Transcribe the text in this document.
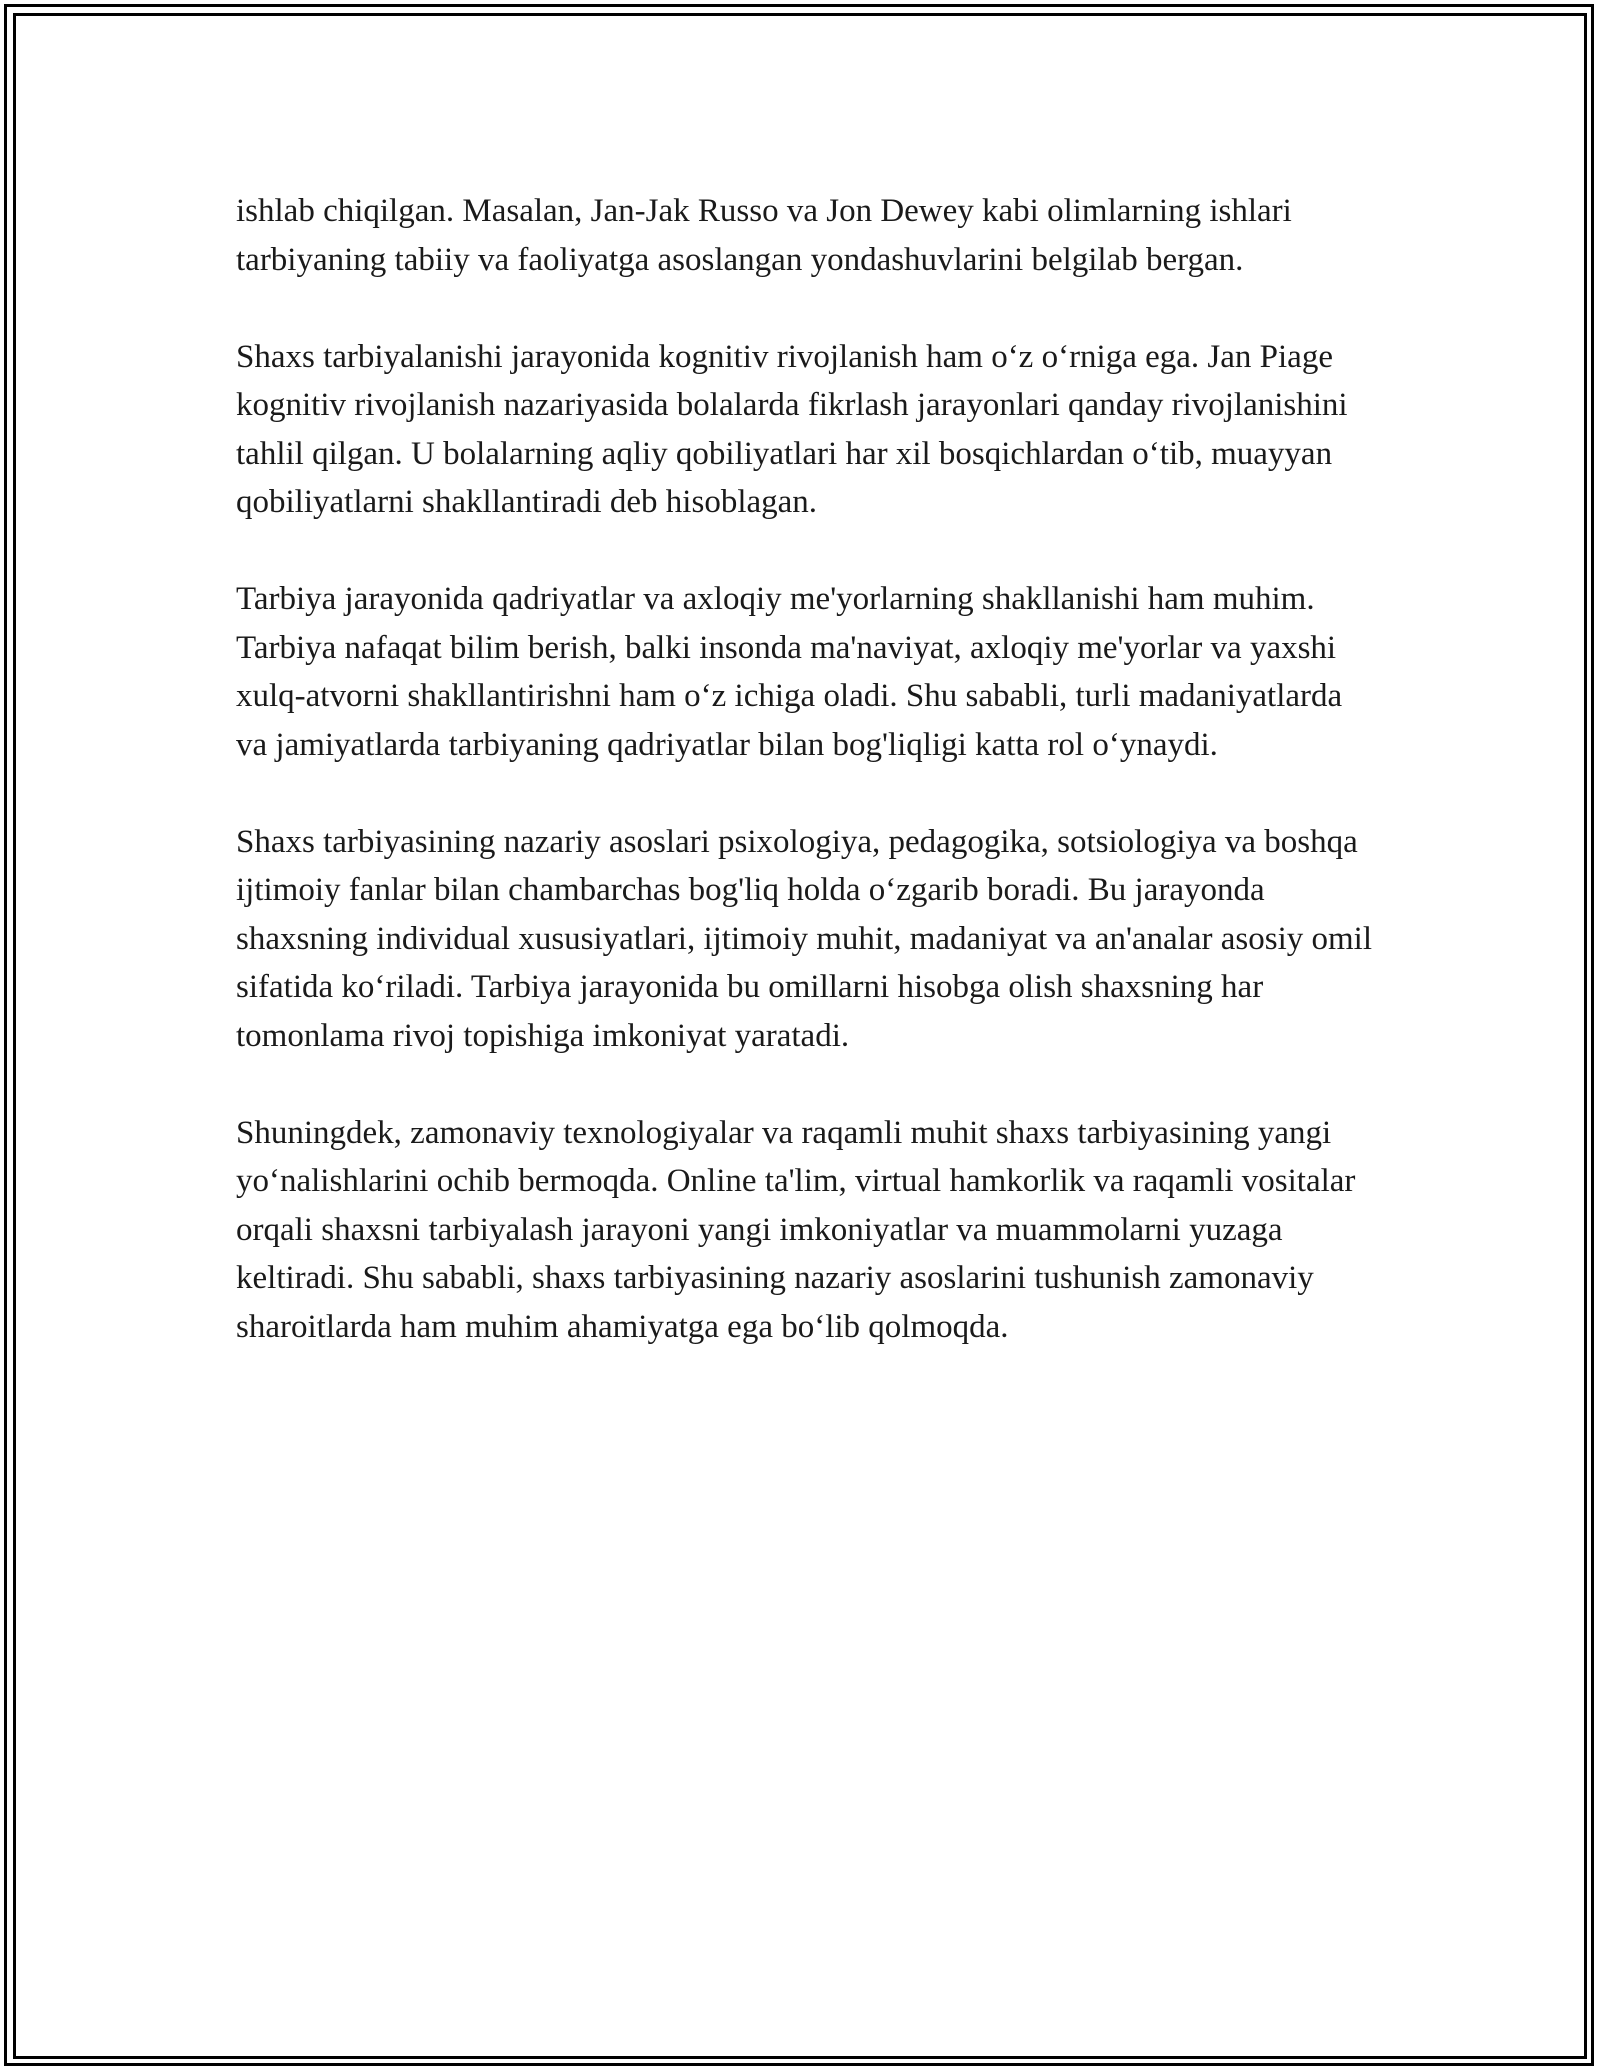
ishlab chiqilgan. Masalan, Jan-Jak Russo va Jon Dewey kabi olimlarning ishlari tarbiyaning tabiiy va faoliyatga asoslangan yondashuvlarini belgilab bergan.

Shaxs tarbiyalanishi jarayonida kognitiv rivojlanish ham oʻz oʻrniga ega. Jan Piage kognitiv rivojlanish nazariyasida bolalarda fikrlash jarayonlari qanday rivojlanishini tahlil qilgan. U bolalarning aqliy qobiliyatlari har xil bosqichlardan oʻtib, muayyan qobiliyatlarni shakllantiradi deb hisoblagan.

Tarbiya jarayonida qadriyatlar va axloqiy me'yorlarning shakllanishi ham muhim. Tarbiya nafaqat bilim berish, balki insonda ma'naviyat, axloqiy me'yorlar va yaxshi xulq-atvorni shakllantirishni ham oʻz ichiga oladi. Shu sababli, turli madaniyatlarda va jamiyatlarda tarbiyaning qadriyatlar bilan bog'liqligi katta rol oʻynaydi.

Shaxs tarbiyasining nazariy asoslari psixologiya, pedagogika, sotsiologiya va boshqa ijtimoiy fanlar bilan chambarchas bog'liq holda oʻzgarib boradi. Bu jarayonda shaxsning individual xususiyatlari, ijtimoiy muhit, madaniyat va an'analar asosiy omil sifatida koʻriladi. Tarbiya jarayonida bu omillarni hisobga olish shaxsning har tomonlama rivoj topishiga imkoniyat yaratadi.

Shuningdek, zamonaviy texnologiyalar va raqamli muhit shaxs tarbiyasining yangi yoʻnalishlarini ochib bermoqda. Online ta'lim, virtual hamkorlik va raqamli vositalar orqali shaxsni tarbiyalash jarayoni yangi imkoniyatlar va muammolarni yuzaga keltiradi. Shu sababli, shaxs tarbiyasining nazariy asoslarini tushunish zamonaviy sharoitlarda ham muhim ahamiyatga ega boʻlib qolmoqda.
